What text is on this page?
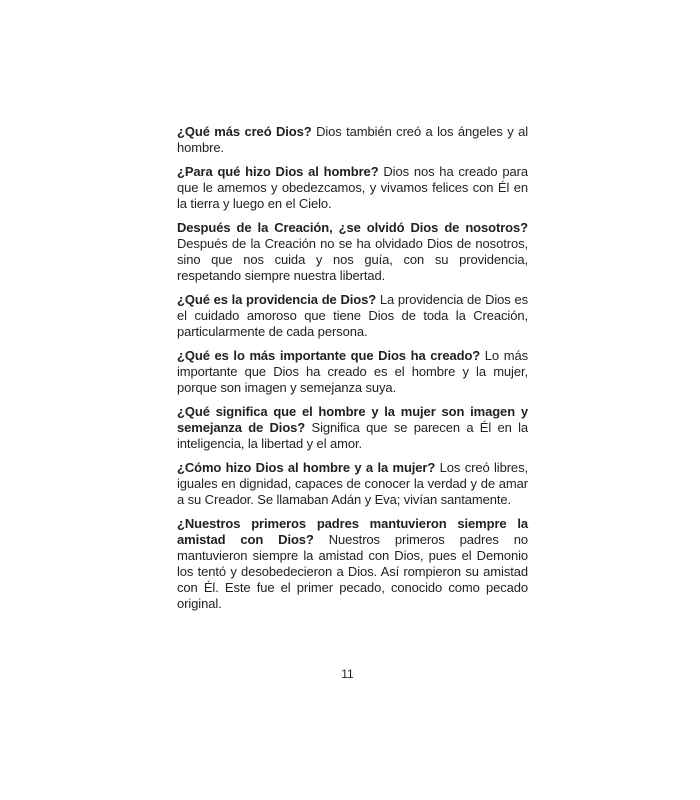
¿Qué más creó Dios? Dios también creó a los ángeles y al hombre.

¿Para qué hizo Dios al hombre? Dios nos ha creado para que le amemos y obedezcamos, y vivamos felices con Él en la tierra y luego en el Cielo.

Después de la Creación, ¿se olvidó Dios de nosotros? Después de la Creación no se ha olvidado Dios de nosotros, sino que nos cuida y nos guía, con su providencia, respetando siempre nuestra libertad.

¿Qué es la providencia de Dios? La providencia de Dios es el cuidado amoroso que tiene Dios de toda la Creación, particularmente de cada persona.

¿Qué es lo más importante que Dios ha creado? Lo más importante que Dios ha creado es el hombre y la mujer, porque son imagen y semejanza suya.

¿Qué significa que el hombre y la mujer son imagen y semejanza de Dios? Significa que se parecen a Él en la inteligencia, la libertad y el amor.

¿Cómo hizo Dios al hombre y a la mujer? Los creó libres, iguales en dignidad, capaces de conocer la verdad y de amar a su Creador. Se llamaban Adán y Eva; vivían santamente.

¿Nuestros primeros padres mantuvieron siempre la amistad con Dios? Nuestros primeros padres no mantuvieron siempre la amistad con Dios, pues el Demonio los tentó y desobedecieron a Dios. Así rompieron su amistad con Él. Este fue el primer pecado, conocido como pecado original.

11
